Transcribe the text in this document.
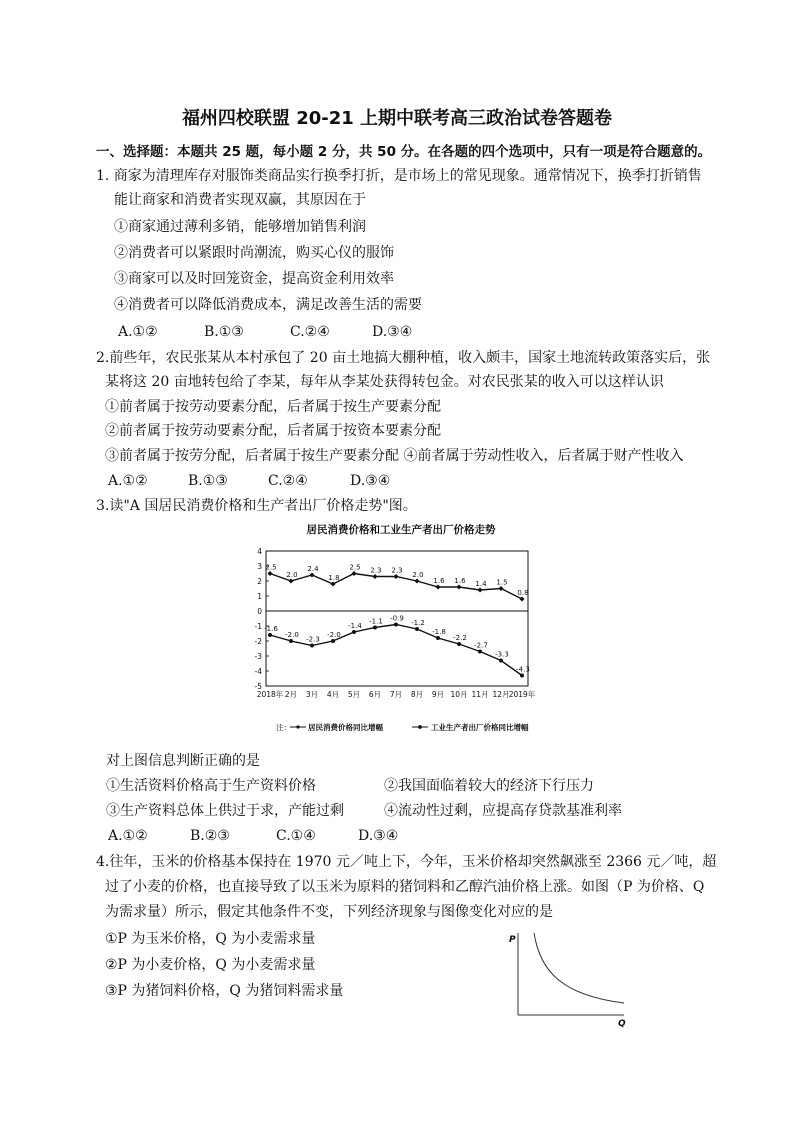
福州四校联盟 20-21 上期中联考高三政治试卷答题卷
一、选择题：本题共 25 题，每小题 2 分，共 50 分。在各题的四个选项中，只有一项是符合题意的。
1. 商家为清理库存对服饰类商品实行换季打折，是市场上的常见现象。通常情况下，换季打折销售
能让商家和消费者实现双赢，其原因在于
①商家通过薄利多销，能够增加销售利润
②消费者可以紧跟时尚潮流，购买心仪的服饰
③商家可以及时回笼资金，提高资金利用效率
④消费者可以降低消费成本，满足改善生活的需要
A.①②	B.①③	C.②④	D.③④
2.前些年，农民张某从本村承包了 20 亩土地搞大棚种植，收入颇丰，国家土地流转政策落实后，张
某将这 20 亩地转包给了李某，每年从李某处获得转包金。对农民张某的收入可以这样认识
①前者属于按劳动要素分配，后者属于按生产要素分配
②前者属于按劳动要素分配，后者属于按资本要素分配
③前者属于按劳分配，后者属于按生产要素分配 ④前者属于劳动性收入，后者属于财产性收入
A.①②	B.①③	C.②④	D.③④
3.读"A 国居民消费价格和生产者出厂价格走势"图。
居民消费价格和工业生产者出厂价格走势
4
3
2
1
0
-1
-2
-3
-4
-5
2018年 2月 3月 4月 5月 6月 7月 8月 9月 10月 11月 12月 2019年
2.5
2.0
2.4
1.8
2.5 2.3 2.3
2.0
1.6 1.6 1.4 1.5
0.8
-1.6
-2.0
-2.3
-2.0
-1.4
-1.1 -0.9
-1.2
-1.8
-2.2
-2.7
-3.3
-4.3
注： 居民消费价格同比增幅	工业生产者出厂价格同比增幅
对上图信息判断正确的是
①生活资料价格高于生产资料价格	②我国面临着较大的经济下行压力
③生产资料总体上供过于求，产能过剩	④流动性过剩，应提高存贷款基准利率
A.①②	B.②③	C.①④	D.③④
4.往年，玉米的价格基本保持在 1970 元／吨上下，今年，玉米价格却突然飙涨至 2366 元／吨，超
过了小麦的价格，也直接导致了以玉米为原料的猪饲料和乙醇汽油价格上涨。如图（P 为价格、Q
为需求量）所示，假定其他条件不变，下列经济现象与图像变化对应的是
①P 为玉米价格，Q 为小麦需求量
②P 为小麦价格，Q 为小麦需求量
③P 为猪饲料价格，Q 为猪饲料需求量
P
Q
